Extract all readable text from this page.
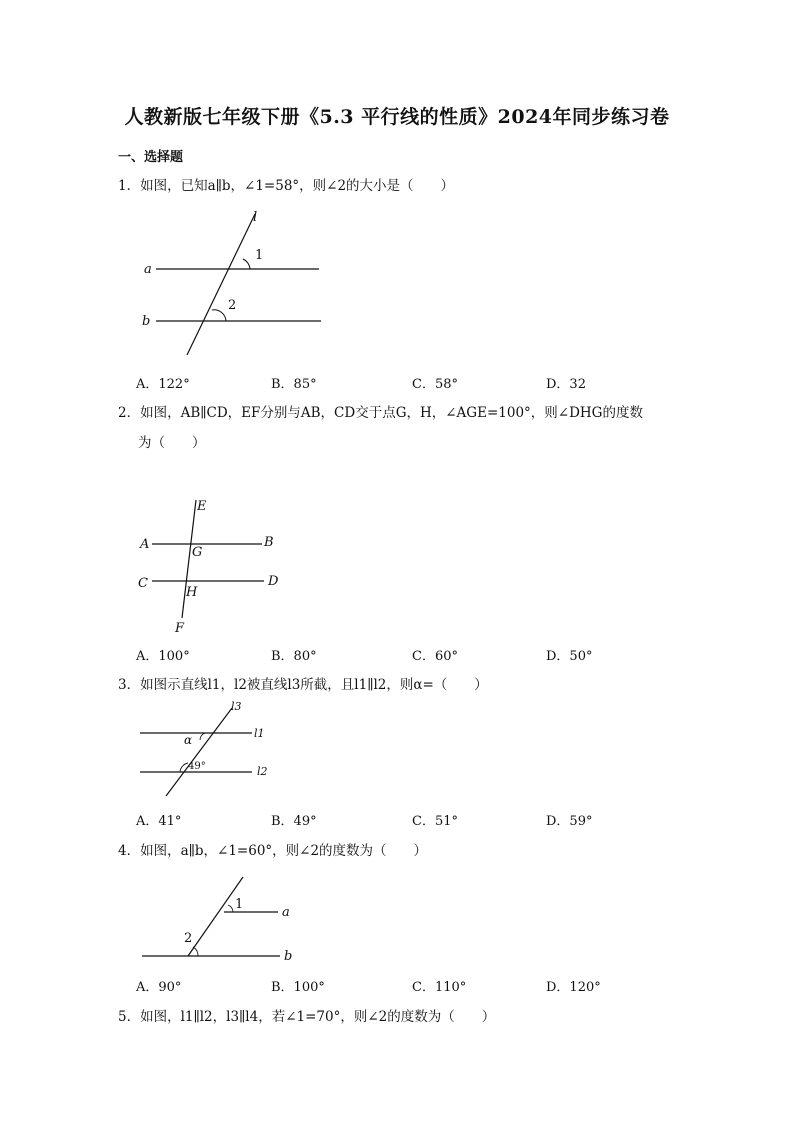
人教新版七年级下册《5.3 平行线的性质》2024年同步练习卷
一、选择题
1．如图，已知a∥b，∠1=58°，则∠2的大小是（　　）
l
a
b
1
2
A．122°	B．85°	C．58°	D．32
2．如图，AB∥CD，EF分别与AB，CD交于点G，H，∠AGE=100°，则∠DHG的度数
为（　　）
E
A	B
G
C	D
H
F
A．100°	B．80°	C．60°	D．50°
3．如图示直线l1，l2被直线l3所截，且l1∥l2，则α=（　　）
l3
l1
l2
α
49°
A．41°	B．49°	C．51°	D．59°
4．如图，a∥b，∠1=60°，则∠2的度数为（　　）
1
a
2
b
A．90°	B．100°	C．110°	D．120°
5．如图，l1∥l2，l3∥l4，若∠1=70°，则∠2的度数为（　　）
